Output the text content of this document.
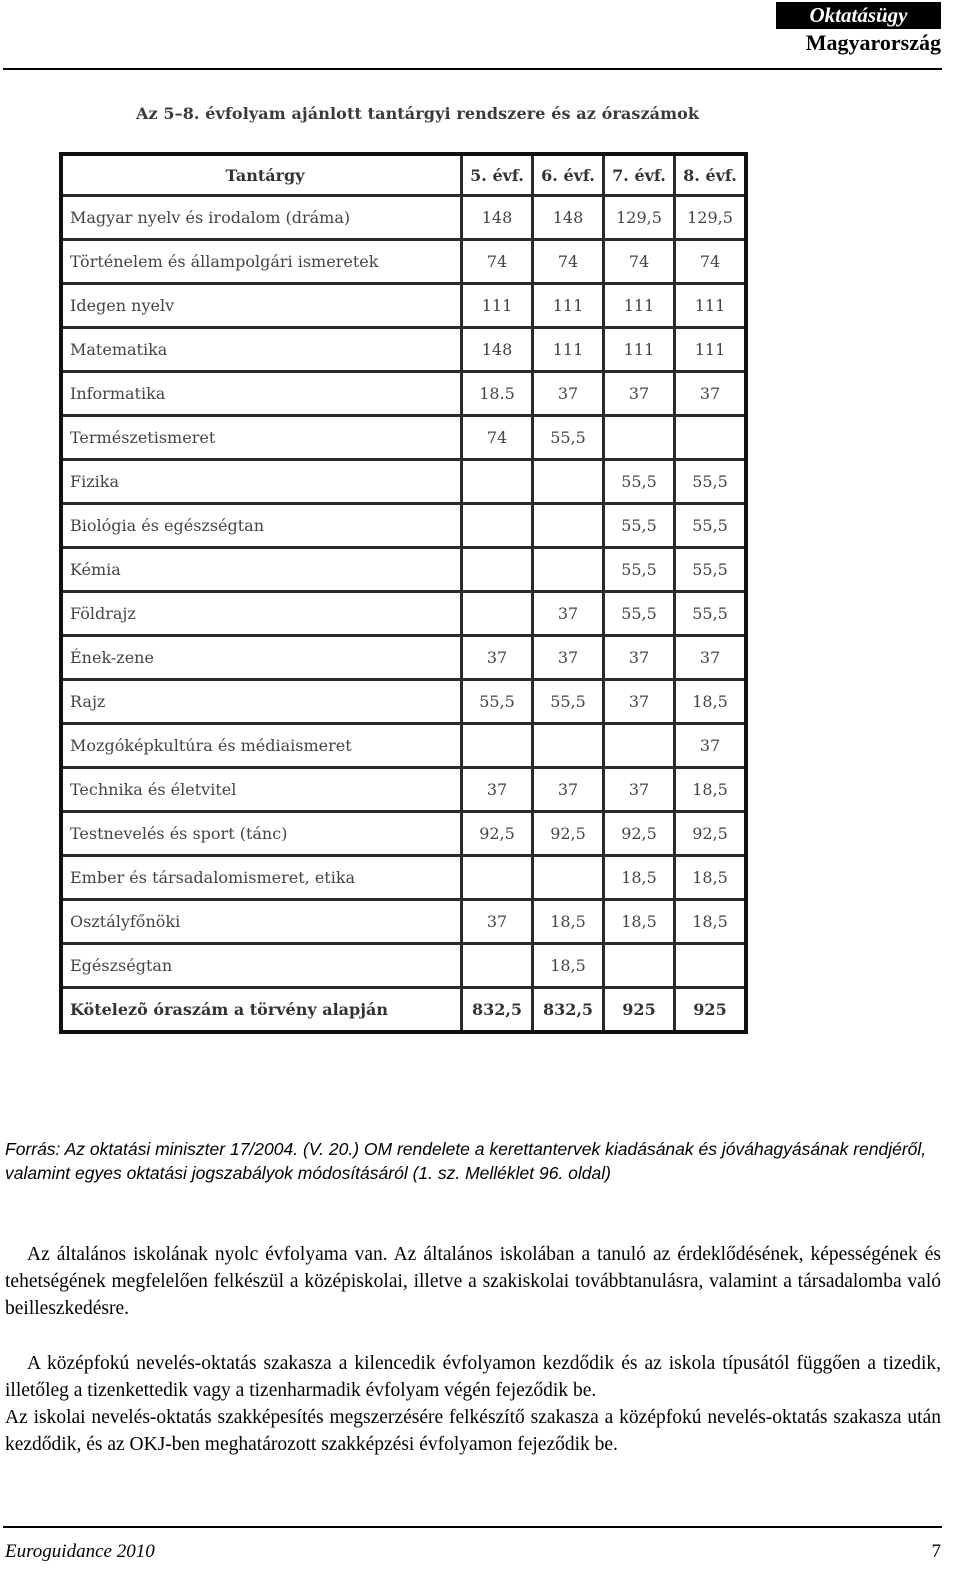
Oktatásügy
Magyarország
Az 5–8. évfolyam ajánlott tantárgyi rendszere és az óraszámok
Tantárgy	5. évf.	6. évf.	7. évf.	8. évf.
Magyar nyelv és irodalom (dráma)	148	148	129,5	129,5
Történelem és állampolgári ismeretek	74	74	74	74
Idegen nyelv	111	111	111	111
Matematika	148	111	111	111
Informatika	18.5	37	37	37
Természetismeret	74	55,5		
Fizika			55,5	55,5
Biológia és egészségtan			55,5	55,5
Kémia			55,5	55,5
Földrajz		37	55,5	55,5
Ének-zene	37	37	37	37
Rajz	55,5	55,5	37	18,5
Mozgóképkultúra és médiaismeret				37
Technika és életvitel	37	37	37	18,5
Testnevelés és sport (tánc)	92,5	92,5	92,5	92,5
Ember és társadalomismeret, etika			18,5	18,5
Osztályfőnöki	37	18,5	18,5	18,5
Egészségtan		18,5		
Kötelezõ óraszám a törvény alapján	832,5	832,5	925	925
Forrás: Az oktatási miniszter 17/2004. (V. 20.) OM rendelete a kerettantervek kiadásának és jóváhagyásának rendjéről, valamint egyes oktatási jogszabályok módosításáról (1. sz. Melléklet 96. oldal)

Az általános iskolának nyolc évfolyama van. Az általános iskolában a tanuló az érdeklődésének, képességének és tehetségének megfelelően felkészül a középiskolai, illetve a szakiskolai továbbtanulásra, valamint a társadalomba való beilleszkedésre.

A középfokú nevelés-oktatás szakasza a kilencedik évfolyamon kezdődik és az iskola típusától függően a tizedik, illetőleg a tizenkettedik vagy a tizenharmadik évfolyam végén fejeződik be.

Az iskolai nevelés-oktatás szakképesítés megszerzésére felkészítő szakasza a középfokú nevelés-oktatás szakasza után kezdődik, és az OKJ-ben meghatározott szakképzési évfolyamon fejeződik be.

Euroguidance 2010	7
